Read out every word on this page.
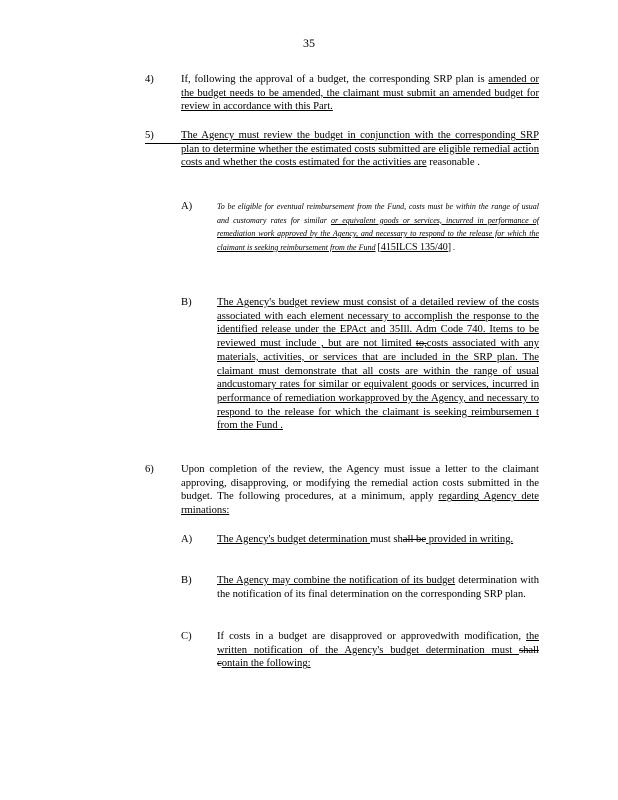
35
4)	If, following the approval of a budget, the corresponding SRP plan is amended or the budget needs to be amended, the claimant must submit an amended budget for review in accordance with this Part.
5)	The Agency must review the budget in conjunction with the corresponding SRP plan to determine whether the estimated costs submitted are eligible remedial action costs and whether the costs estimated for the activities are reasonable .
A)	To be eligible for eventual reimbursement from the Fund, costs must be within the range of usual and customary rates for similar or equivalent goods or services, incurred in performance of remediation work approved by the Agency, and necessary to respond to the release for which the claimant is seeking reimbursement from the Fund [415ILCS 135/40] .
B) The Agency's budget review must consist of a detailed review of the costs associated with each element necessary to accomplish the response to the identified release under the EPAct and 35Ill. Adm Code 740. Items to be reviewed must include , but are not limited to,costs associated with any materials, activities, or services that are included in the SRP plan. The claimant must demonstrate that all costs are within the range of usual andcustomary rates for similar or equivalent goods or services, incurred in performance of remediation workapproved by the Agency, and necessary to respond to the release for which the claimant is seeking reimbursemen t from the Fund .
6)	Upon completion of the review, the Agency must issue a letter to the claimant approving, disapproving, or modifying the remedial action costs submitted in the budget. The following procedures, at a minimum, apply regarding Agency dete rminations:
A) The Agency's budget determination must shall be provided in writing.
B) The Agency may combine the notification of its budget determination with the notification of its final determination on the corresponding SRP plan.
C) If costs in a budget are disapproved or approvedwith modification, the written notification of the Agency's budget determination must shall contain the following:
